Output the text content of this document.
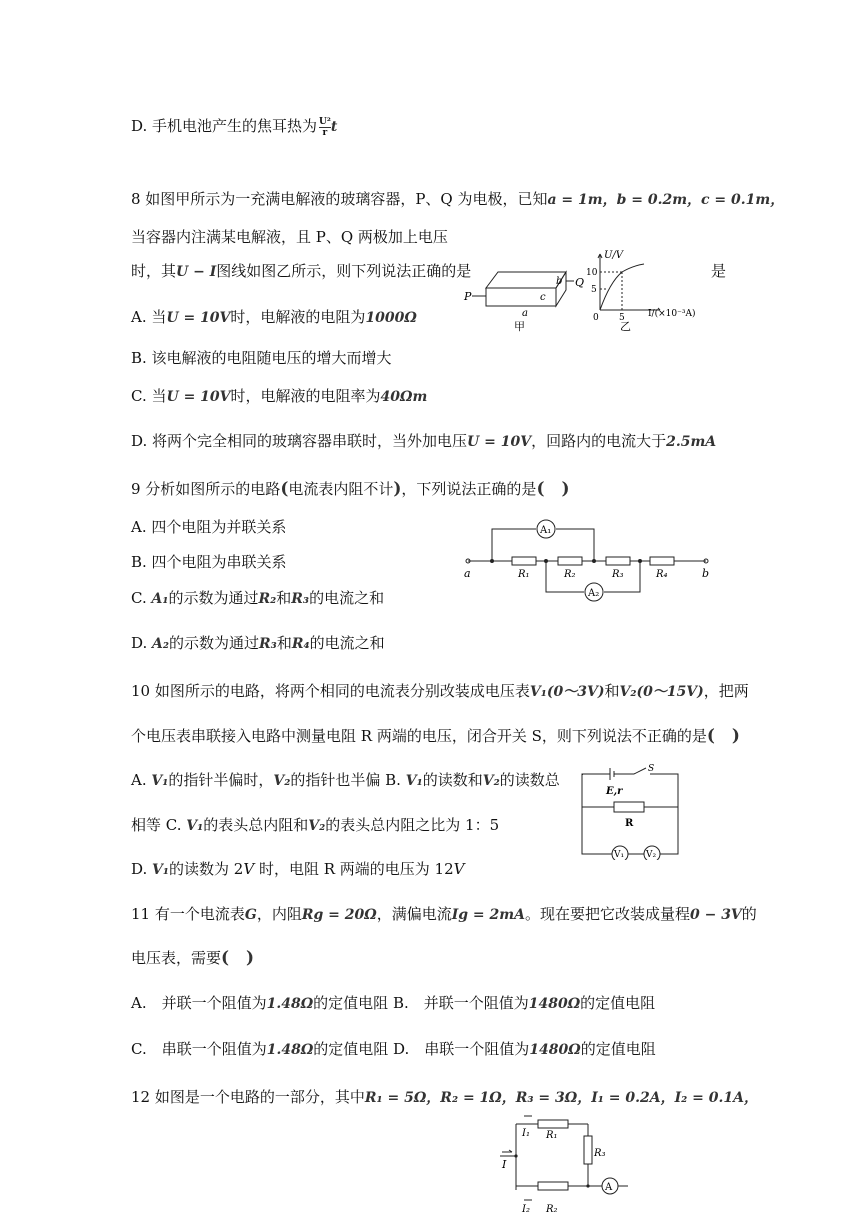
D. 手机电池产生的焦耳热为 $\frac{\text{U²}}{r}$ t
8 如图甲所示为一充满电解液的玻璃容器，P、Q 为电极，已知a = 1m，b = 0.2m，c = 0.1m，
当容器内注满某电解液，且 P、Q 两极加上电压
时，其U − I图线如图乙所示，则下列说法正确的是	是
A. 当U = 10V时，电解液的电阻为1000Ω
B. 该电解液的电阻随电压的增大而增大
C. 当U = 10V时，电解液的电阻率为40Ωm
D. 将两个完全相同的玻璃容器串联时，当外加电压U = 10V，回路内的电流大于2.5mA
P
Q
a
b
c
甲	乙
U/V
I/(×10⁻³A)
10
5
5
0
9 分析如图所示的电路(电流表内阻不计)，下列说法正确的是(　)
A. 四个电阻为并联关系
B. 四个电阻为串联关系
C. A₁的示数为通过R₂和R₃的电流之和
D. A₂的示数为通过R₃和R₄的电流之和
A₁
A₂
R₁	R₂	R₃	R₄
a	b
10 如图所示的电路，将两个相同的电流表分别改装成电压表V₁(0～3V)和V₂(0～15V)，把两
个电压表串联接入电路中测量电阻 R 两端的电压，闭合开关 S，则下列说法不正确的是(　)
A. V₁的指针半偏时，V₂的指针也半偏 B. V₁的读数和V₂的读数总
相等 C. V₁的表头总内阻和V₂的表头总内阻之比为 1：5
D. V₁的读数为 2V 时，电阻 R 两端的电压为 12V
E,r
S
R
V₁ V₂
11 有一个电流表G，内阻Rg = 20Ω，满偏电流Ig = 2mA。现在要把它改装成量程0 − 3V的
电压表，需要(　)
A.　并联一个阻值为1.48Ω的定值电阻 B.　并联一个阻值为1480Ω的定值电阻
C.　串联一个阻值为1.48Ω的定值电阻 D.　串联一个阻值为1480Ω的定值电阻
12 如图是一个电路的一部分，其中R₁ = 5Ω，R₂ = 1Ω，R₃ = 3Ω，I₁ = 0.2A，I₂ = 0.1A，
I
I₁
I₂
R₁
R₂
R₃
A
